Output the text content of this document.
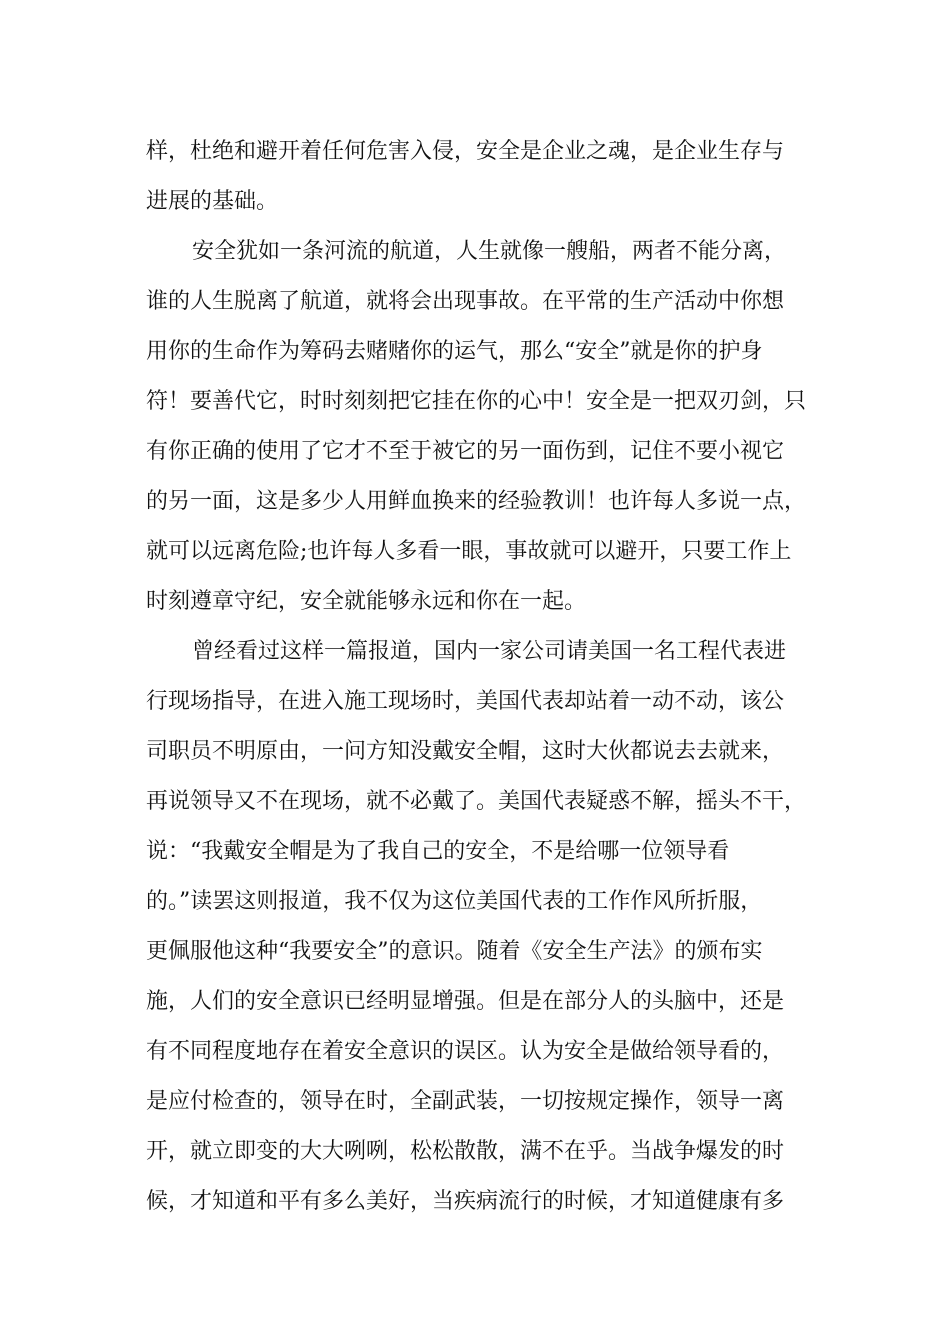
样，杜绝和避开着任何危害入侵，安全是企业之魂，是企业生存与
进展的基础。
安全犹如一条河流的航道，人生就像一艘船，两者不能分离，
谁的人生脱离了航道，就将会出现事故。在平常的生产活动中你想
用你的生命作为筹码去赌赌你的运气，那么“安全”就是你的护身
符！要善代它，时时刻刻把它挂在你的心中！安全是一把双刃剑，只
有你正确的使用了它才不至于被它的另一面伤到，记住不要小视它
的另一面，这是多少人用鲜血换来的经验教训！也许每人多说一点，
就可以远离危险;也许每人多看一眼，事故就可以避开，只要工作上
时刻遵章守纪，安全就能够永远和你在一起。
曾经看过这样一篇报道，国内一家公司请美国一名工程代表进
行现场指导，在进入施工现场时，美国代表却站着一动不动，该公
司职员不明原由，一问方知没戴安全帽，这时大伙都说去去就来，
再说领导又不在现场，就不必戴了。美国代表疑惑不解，摇头不干，
说：“我戴安全帽是为了我自己的安全，不是给哪一位领导看
的。”读罢这则报道，我不仅为这位美国代表的工作作风所折服，
更佩服他这种“我要安全”的意识。随着《安全生产法》的颁布实
施，人们的安全意识已经明显增强。但是在部分人的头脑中，还是
有不同程度地存在着安全意识的误区。认为安全是做给领导看的，
是应付检查的，领导在时，全副武装，一切按规定操作，领导一离
开，就立即变的大大咧咧，松松散散，满不在乎。当战争爆发的时
候，才知道和平有多么美好，当疾病流行的时候，才知道健康有多
